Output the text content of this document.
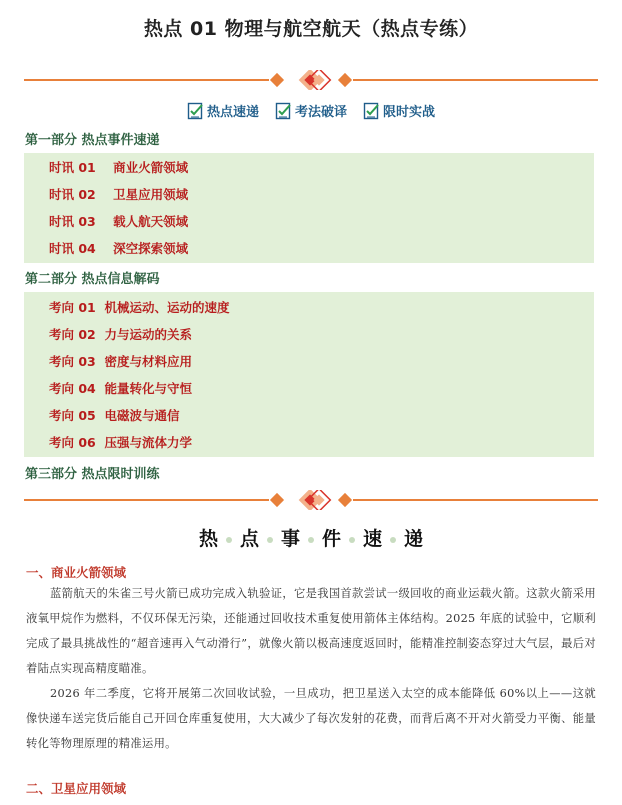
热点 01 物理与航空航天（热点专练）
热点速递	考法破译	限时实战
第一部分 热点事件速递
时讯 01 商业火箭领域
时讯 02 卫星应用领域
时讯 03 载人航天领域
时讯 04 深空探索领域
第二部分 热点信息解码
考向 01 机械运动、运动的速度
考向 02 力与运动的关系
考向 03 密度与材料应用
考向 04 能量转化与守恒
考向 05 电磁波与通信
考向 06 压强与流体力学
第三部分 热点限时训练
热 点 事 件 速 递
一、商业火箭领域
蓝箭航天的朱雀三号火箭已成功完成入轨验证，它是我国首款尝试一级回收的商业运载火箭。这款火箭采用液氧甲烷作为燃料，不仅环保无污染，还能通过回收技术重复使用箭体主体结构。2025 年底的试验中，它顺利完成了最具挑战性的“超音速再入气动滑行”，就像火箭以极高速度返回时，能精准控制姿态穿过大气层，最后对着陆点实现高精度瞄准。
2026 年二季度，它将开展第二次回收试验，一旦成功，把卫星送入太空的成本能降低 60%以上——这就像快递车送完货后能自己开回仓库重复使用，大大减少了每次发射的花费，而背后离不开对火箭受力平衡、能量转化等物理原理的精准运用。
二、卫星应用领域
